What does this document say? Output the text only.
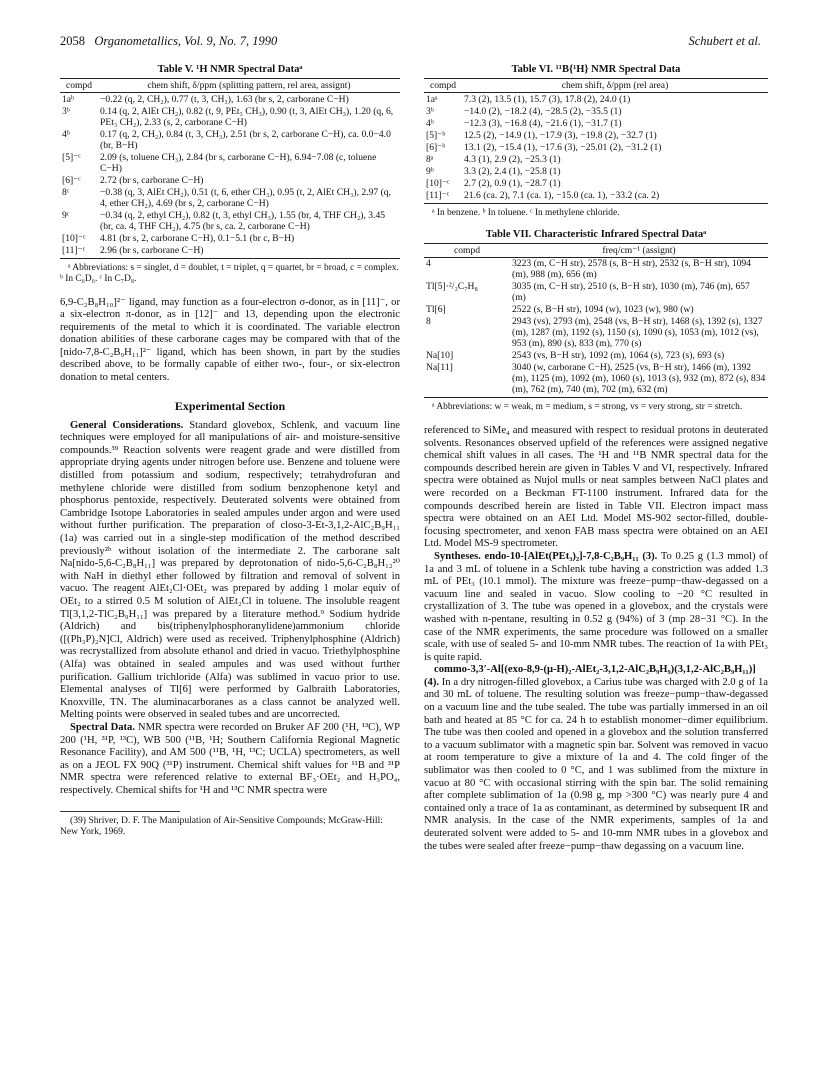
2058 Organometallics, Vol. 9, No. 7, 1990	Schubert et al.
Table V. ¹H NMR Spectral Dataᵃ
compd	chem shift, δ/ppm (splitting pattern, rel area, assignt)
1aᵇ	−0.22 (q, 2, CH₂), 0.77 (t, 3, CH₃), 1.63 (br s, 2, carborane C−H)
3ᵇ	0.14 (q, 2, AlEt CH₂), 0.82 (t, 9, PEt₃ CH₃), 0.90 (t, 3, AlEt CH₃), 1.20 (q, 6, PEt₃ CH₂), 2.33 (s, 2, carborane C−H)
4ᵇ	0.17 (q, 2, CH₂), 0.84 (t, 3, CH₃), 2.51 (br s, 2, carborane C−H), ca. 0.0−4.0 (br, B−H)
[5]⁻ᶜ	2.09 (s, toluene CH₃), 2.84 (br s, carborane C−H), 6.94−7.08 (c, toluene C−H)
[6]⁻ᶜ	2.72 (br s, carborane C−H)
8ᶜ	−0.38 (q, 3, AlEt CH₂), 0.51 (t, 6, ether CH₃), 0.95 (t, 2, AlEt CH₃), 2.97 (q, 4, ether CH₂), 4.69 (br s, 2, carborane C−H)
9ᶜ	−0.34 (q, 2, ethyl CH₂), 0.82 (t, 3, ethyl CH₃), 1.55 (br, 4, THF CH₂), 3.45 (br, ca. 4, THF CH₂), 4.75 (br s, ca. 2, carborane C−H)
[10]⁻ᶜ	4.81 (br s, 2, carborane C−H), 0.1−5.1 (br c, B−H)
[11]⁻ᶜ	2.96 (br s, carborane C−H)
ᵃ Abbreviations: s = singlet, d = doublet, t = triplet, q = quartet, br = broad, c = complex. ᵇ In C₆D₆. ᶜ In C₇D₈.

6,9-C₂B₈H₁₀]²⁻ ligand, may function as a four-electron σ-donor, as in [11]⁻, or a six-electron π-donor, as in [12]⁻ and 13, depending upon the electronic requirements of the metal to which it is coordinated. The variable electron donation abilities of these carborane cages may be compared with that of the [nido-7,8-C₂B₉H₁₁]²⁻ ligand, which has been shown, in part by the studies described above, to be formally capable of either two-, four-, or six-electron donation to metal centers.

Experimental Section

General Considerations. Standard glovebox, Schlenk, and vacuum line techniques were employed for all manipulations of air- and moisture-sensitive compounds.³⁹ Reaction solvents were reagent grade and were distilled from appropriate drying agents under nitrogen before use. Benzene and toluene were distilled from potassium and sodium, respectively; tetrahydrofuran and methylene chloride were distilled from sodium benzophenone ketyl and phosphorus pentoxide, respectively. Deuterated solvents were obtained from Cambridge Isotope Laboratories in sealed ampules under argon and were used without further purification. The preparation of closo-3-Et-3,1,2-AlC₂B₉H₁₁ (1a) was carried out in a single-step modification of the method described previously²ᵇ without isolation of the intermediate 2. The carborane salt Na[nido-5,6-C₂B₈H₁₁] was prepared by deprotonation of nido-5,6-C₂B₈H₁₂²⁰ with NaH in diethyl ether followed by filtration and removal of solvent in vacuo. The reagent AlEt₂Cl·OEt₂ was prepared by adding 1 molar equiv of OEt₂ to a stirred 0.5 M solution of AlEt₂Cl in toluene. The insoluble reagent Tl[3,1,2-TlC₂B₉H₁₁] was prepared by a literature method.⁹ Sodium hydride (Aldrich) and bis(triphenylphosphoranylidene)ammonium chloride ([(Ph₃P)₂N]Cl, Aldrich) were used as received. Triphenylphosphine (Aldrich) was recrystallized from absolute ethanol and dried in vacuo. Triethylphosphine (Alfa) was obtained in sealed ampules and was used without further purification. Gallium trichloride (Alfa) was sublimed in vacuo prior to use. Elemental analyses of Tl[6] were performed by Galbraith Laboratories, Knoxville, TN. The aluminacarboranes as a class cannot be analyzed well. Melting points were observed in sealed tubes and are uncorrected.

Spectral Data. NMR spectra were recorded on Bruker AF 200 (¹H, ¹³C), WP 200 (¹H, ³¹P, ¹³C), WB 500 (¹¹B, ¹H; Southern California Regional Magnetic Resonance Facility), and AM 500 (¹¹B, ¹H, ¹³C; UCLA) spectrometers, as well as on a JEOL FX 90Q (³¹P) instrument. Chemical shift values for ¹¹B and ³¹P NMR spectra were referenced relative to external BF₃·OEt₂ and H₃PO₄, respectively. Chemical shifts for ¹H and ¹³C NMR spectra were

(39) Shriver, D. F. The Manipulation of Air-Sensitive Compounds; McGraw-Hill: New York, 1969.
Table VI. ¹¹B{¹H} NMR Spectral Data
compd	chem shift, δ/ppm (rel area)
1aᵃ	7.3 (2), 13.5 (1), 15.7 (3), 17.8 (2), 24.0 (1)
3ᵇ	−14.0 (2), −18.2 (4), −28.5 (2), −35.5 (1)
4ᵇ	−12.3 (3), −16.8 (4), −21.6 (1), −31.7 (1)
[5]⁻ᵇ	12.5 (2), −14.9 (1), −17.9 (3), −19.8 (2), −32.7 (1)
[6]⁻ᵇ	13.1 (2), −15.4 (1), −17.6 (3), −25.01 (2), −31.2 (1)
8ᵃ	4.3 (1), 2.9 (2), −25.3 (1)
9ᵇ	3.3 (2), 2.4 (1), −25.8 (1)
[10]⁻ᶜ	2.7 (2), 0.9 (1), −28.7 (1)
[11]⁻ᶜ	21.6 (ca. 2), 7.1 (ca. 1), −15.0 (ca. 1), −33.2 (ca. 2)
ᵃ In benzene. ᵇ In toluene. ᶜ In methylene chloride.
Table VII. Characteristic Infrared Spectral Dataᵃ
compd	freq/cm⁻¹ (assignt)
4	3223 (m, C−H str), 2578 (s, B−H str), 2532 (s, B−H str), 1094 (m), 988 (m), 656 (m)
Tl[5]·²/₃C₇H₈	3035 (m, C−H str), 2510 (s, B−H str), 1030 (m), 746 (m), 657 (m)
Tl[6]	2522 (s, B−H str), 1094 (w), 1023 (w), 980 (w)
8	2943 (vs), 2793 (m), 2548 (vs, B−H str), 1468 (s), 1392 (s), 1327 (m), 1287 (m), 1192 (s), 1150 (s), 1090 (s), 1053 (m), 1012 (vs), 953 (m), 890 (s), 833 (m), 770 (s)
Na[10]	2543 (vs, B−H str), 1092 (m), 1064 (s), 723 (s), 693 (s)
Na[11]	3040 (w, carborane C−H), 2525 (vs, B−H str), 1466 (m), 1392 (m), 1125 (m), 1092 (m), 1060 (s), 1013 (s), 932 (m), 872 (s), 834 (m), 762 (m), 740 (m), 702 (m), 632 (m)
ᵃ Abbreviations: w = weak, m = medium, s = strong, vs = very strong, str = stretch.

referenced to SiMe₄ and measured with respect to residual protons in deuterated solvents. Resonances observed upfield of the references were assigned negative chemical shift values in all cases. The ¹H and ¹¹B NMR spectral data for the compounds described herein are given in Tables V and VI, respectively. Infrared spectra were obtained as Nujol mulls or neat samples between NaCl plates and were recorded on a Beckman FT-1100 instrument. Infrared data for the compounds described herein are listed in Table VII. Electron impact mass spectra were obtained on an AEI Ltd. Model MS-902 sector-filled, double-focusing spectrometer, and xenon FAB mass spectra were obtained on an AEI Ltd. Model MS-9 spectrometer.

Syntheses. endo-10-[AlEt(PEt₃)₂]-7,8-C₂B₉H₁₁ (3). To 0.25 g (1.3 mmol) of 1a and 3 mL of toluene in a Schlenk tube having a constriction was added 1.3 mL of PEt₃ (10.1 mmol). The mixture was freeze−pump−thaw-degassed on a vacuum line and sealed in vacuo. Slow cooling to −20 °C resulted in crystallization of 3. The tube was opened in a glovebox, and the crystals were washed with n-pentane, resulting in 0.52 g (94%) of 3 (mp 28−31 °C). In the case of the NMR experiments, the same procedure was followed on a smaller scale, with use of sealed 5- and 10-mm NMR tubes. The reaction of 1a with PEt₃ is quite rapid.

commo-3,3′-Al[(exo-8,9-(μ-H)₂-AlEt₂-3,1,2-AlC₂B₉H₉)(3,1,2-AlC₂B₉H₁₁)] (4). In a dry nitrogen-filled glovebox, a Carius tube was charged with 2.0 g of 1a and 30 mL of toluene. The resulting solution was freeze−pump−thaw-degassed on a vacuum line and the tube sealed. The tube was partially immersed in an oil bath and heated at 85 °C for ca. 24 h to establish monomer−dimer equilibrium. The tube was then cooled and opened in a glovebox and the solution transferred to a vacuum sublimator with a magnetic spin bar. Solvent was removed in vacuo at room temperature to give a mixture of 1a and 4. The cold finger of the sublimator was then cooled to 0 °C, and 1 was sublimed from the mixture in vacuo at 80 °C with occasional stirring with the spin bar. The solid remaining after complete sublimation of 1a (0.98 g, mp >300 °C) was nearly pure 4 and contained only a trace of 1a as contaminant, as determined by subsequent IR and NMR analysis. In the case of the NMR experiments, samples of 1a and deuterated solvent were added to 5- and 10-mm NMR tubes in a glovebox and the tubes were sealed after freeze−pump−thaw degassing on a vacuum line.
